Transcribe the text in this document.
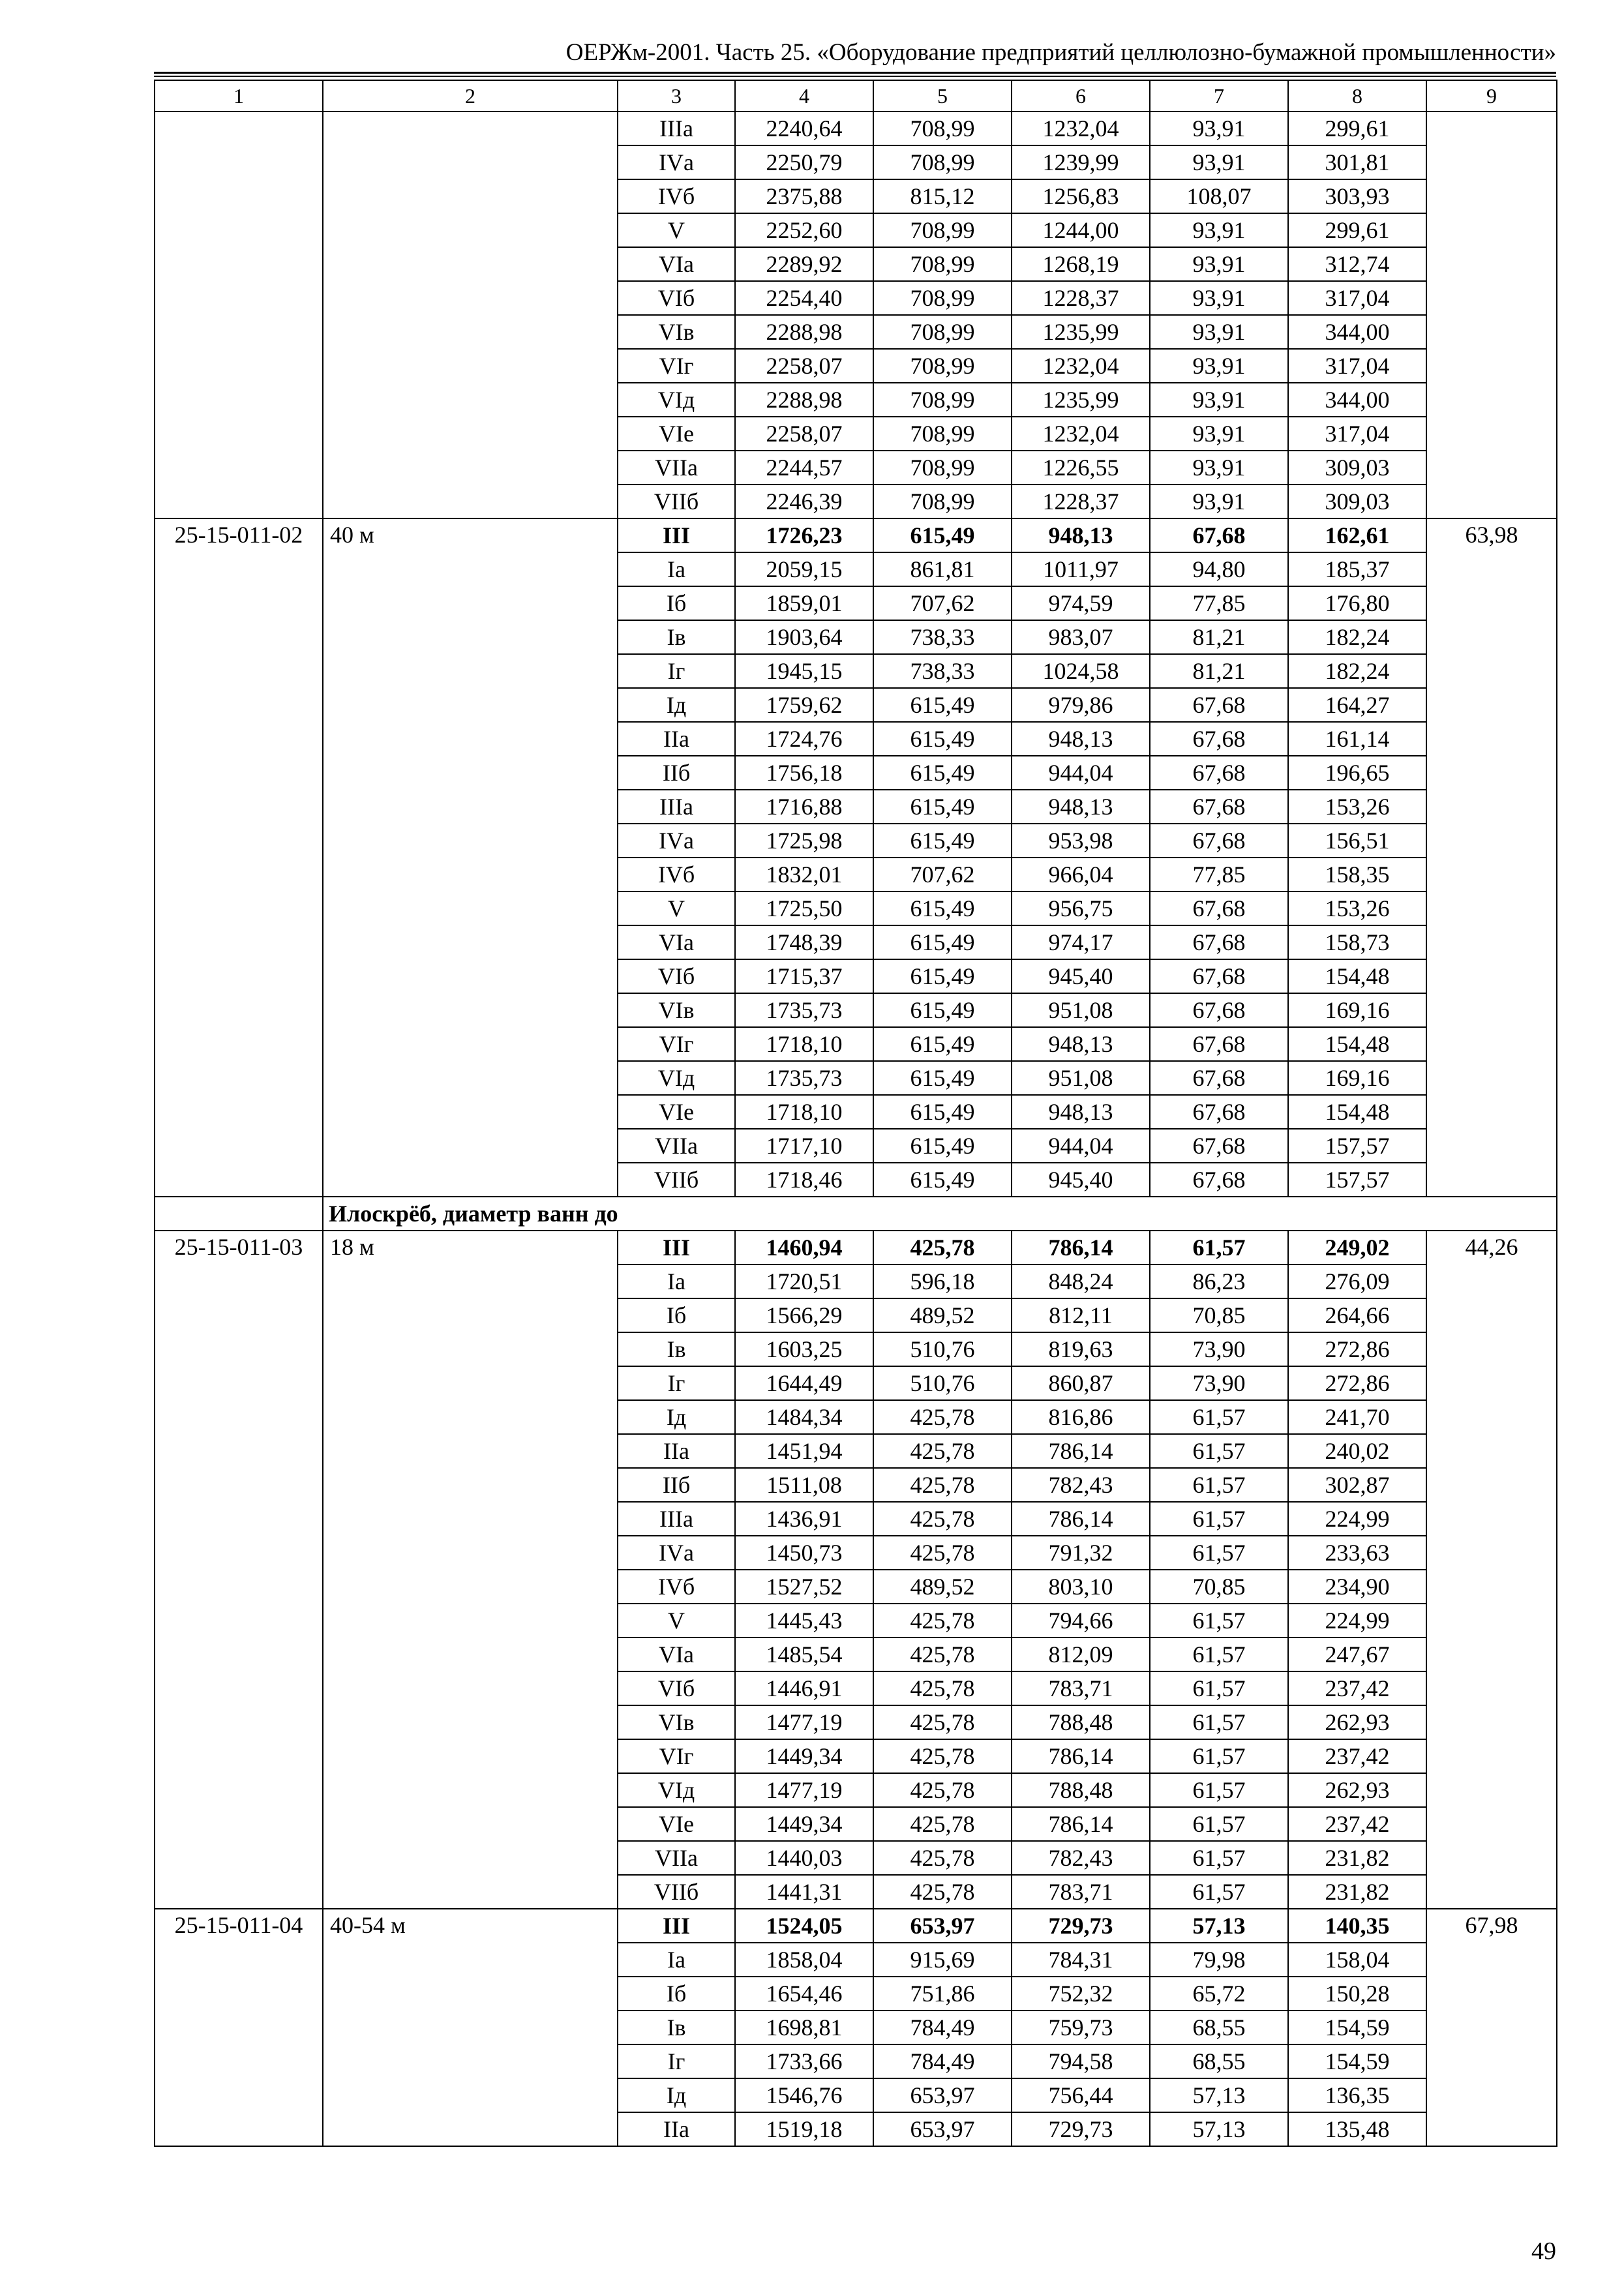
ОЕРЖм-2001. Часть 25. «Оборудование предприятий целлюлозно-бумажной промышленности»
1	2	3	4	5	6	7	8	9
		IIIа	2240,64	708,99	1232,04	93,91	299,61	
		IVа	2250,79	708,99	1239,99	93,91	301,81	
		IVб	2375,88	815,12	1256,83	108,07	303,93	
		V	2252,60	708,99	1244,00	93,91	299,61	
		VIа	2289,92	708,99	1268,19	93,91	312,74	
		VIб	2254,40	708,99	1228,37	93,91	317,04	
		VIв	2288,98	708,99	1235,99	93,91	344,00	
		VIг	2258,07	708,99	1232,04	93,91	317,04	
		VIд	2288,98	708,99	1235,99	93,91	344,00	
		VIе	2258,07	708,99	1232,04	93,91	317,04	
		VIIа	2244,57	708,99	1226,55	93,91	309,03	
		VIIб	2246,39	708,99	1228,37	93,91	309,03	
25-15-011-02	40 м	III	1726,23	615,49	948,13	67,68	162,61	63,98
		Iа	2059,15	861,81	1011,97	94,80	185,37	
		Iб	1859,01	707,62	974,59	77,85	176,80	
		Iв	1903,64	738,33	983,07	81,21	182,24	
		Iг	1945,15	738,33	1024,58	81,21	182,24	
		Iд	1759,62	615,49	979,86	67,68	164,27	
		IIа	1724,76	615,49	948,13	67,68	161,14	
		IIб	1756,18	615,49	944,04	67,68	196,65	
		IIIа	1716,88	615,49	948,13	67,68	153,26	
		IVа	1725,98	615,49	953,98	67,68	156,51	
		IVб	1832,01	707,62	966,04	77,85	158,35	
		V	1725,50	615,49	956,75	67,68	153,26	
		VIа	1748,39	615,49	974,17	67,68	158,73	
		VIб	1715,37	615,49	945,40	67,68	154,48	
		VIв	1735,73	615,49	951,08	67,68	169,16	
		VIг	1718,10	615,49	948,13	67,68	154,48	
		VIд	1735,73	615,49	951,08	67,68	169,16	
		VIе	1718,10	615,49	948,13	67,68	154,48	
		VIIа	1717,10	615,49	944,04	67,68	157,57	
		VIIб	1718,46	615,49	945,40	67,68	157,57	
	Илоскрёб, диаметр ванн до							
25-15-011-03	18 м	III	1460,94	425,78	786,14	61,57	249,02	44,26
		Iа	1720,51	596,18	848,24	86,23	276,09	
		Iб	1566,29	489,52	812,11	70,85	264,66	
		Iв	1603,25	510,76	819,63	73,90	272,86	
		Iг	1644,49	510,76	860,87	73,90	272,86	
		Iд	1484,34	425,78	816,86	61,57	241,70	
		IIа	1451,94	425,78	786,14	61,57	240,02	
		IIб	1511,08	425,78	782,43	61,57	302,87	
		IIIа	1436,91	425,78	786,14	61,57	224,99	
		IVа	1450,73	425,78	791,32	61,57	233,63	
		IVб	1527,52	489,52	803,10	70,85	234,90	
		V	1445,43	425,78	794,66	61,57	224,99	
		VIа	1485,54	425,78	812,09	61,57	247,67	
		VIб	1446,91	425,78	783,71	61,57	237,42	
		VIв	1477,19	425,78	788,48	61,57	262,93	
		VIг	1449,34	425,78	786,14	61,57	237,42	
		VIд	1477,19	425,78	788,48	61,57	262,93	
		VIе	1449,34	425,78	786,14	61,57	237,42	
		VIIа	1440,03	425,78	782,43	61,57	231,82	
		VIIб	1441,31	425,78	783,71	61,57	231,82	
25-15-011-04	40-54 м	III	1524,05	653,97	729,73	57,13	140,35	67,98
		Iа	1858,04	915,69	784,31	79,98	158,04	
		Iб	1654,46	751,86	752,32	65,72	150,28	
		Iв	1698,81	784,49	759,73	68,55	154,59	
		Iг	1733,66	784,49	794,58	68,55	154,59	
		Iд	1546,76	653,97	756,44	57,13	136,35	
		IIа	1519,18	653,97	729,73	57,13	135,48	
49
